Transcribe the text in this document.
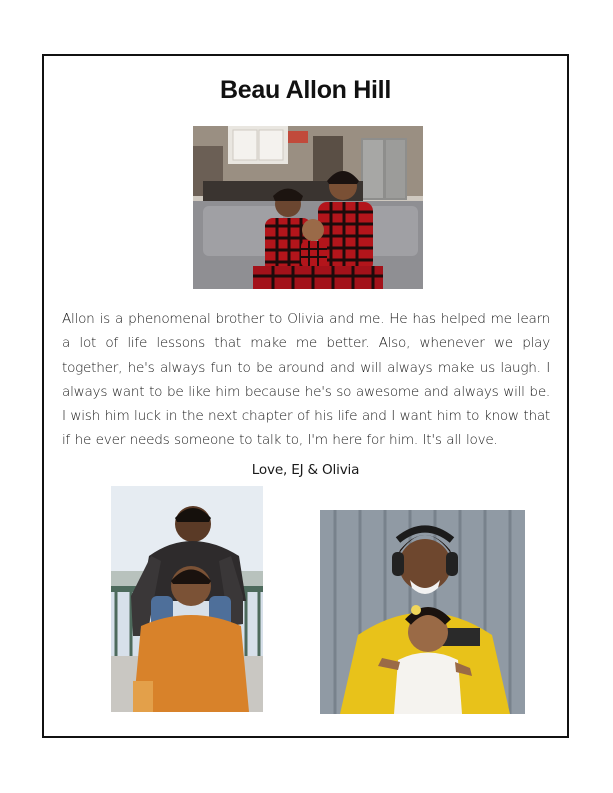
Beau Allon Hill
Allon is a phenomenal brother to Olivia and me. He has helped me learn a lot of life lessons that make me better. Also, whenever we play together, he's always fun to be around and will always make us laugh. I always want to be like him because he's so awesome and always will be. I wish him luck in the next chapter of his life and I want him to know that if he ever needs someone to talk to, I'm here for him. It's all love.
Love, EJ & Olivia
